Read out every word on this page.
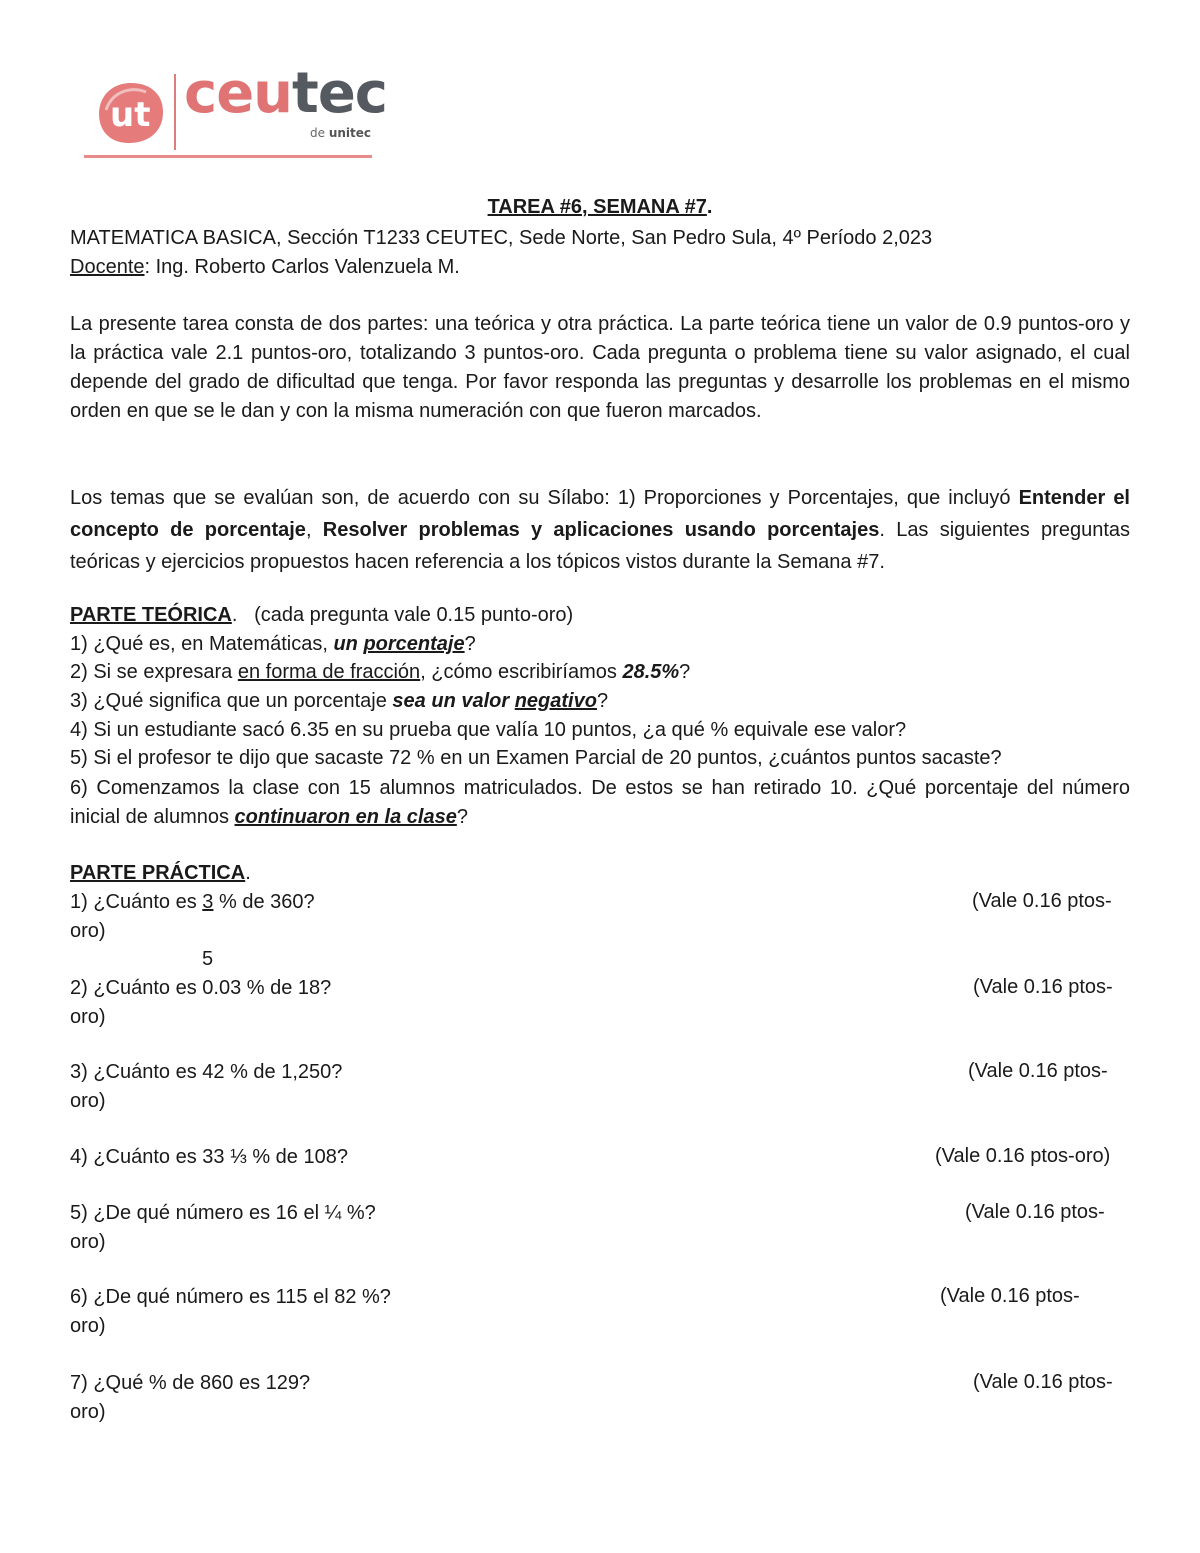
ut ceutec
de unitec
TAREA #6, SEMANA #7.
MATEMATICA BASICA, Sección T1233 CEUTEC, Sede Norte, San Pedro Sula, 4º Período 2,023
Docente: Ing. Roberto Carlos Valenzuela M.
La presente tarea consta de dos partes: una teórica y otra práctica. La parte teórica tiene un valor de 0.9 puntos-oro y la práctica vale 2.1 puntos-oro, totalizando 3 puntos-oro. Cada pregunta o problema tiene su valor asignado, el cual depende del grado de dificultad que tenga. Por favor responda las preguntas y desarrolle los problemas en el mismo orden en que se le dan y con la misma numeración con que fueron marcados.
Los temas que se evalúan son, de acuerdo con su Sílabo: 1) Proporciones y Porcentajes, que incluyó Entender el concepto de porcentaje, Resolver problemas y aplicaciones usando porcentajes. Las siguientes preguntas teóricas y ejercicios propuestos hacen referencia a los tópicos vistos durante la Semana #7.
PARTE TEÓRICA. (cada pregunta vale 0.15 punto-oro)
1) ¿Qué es, en Matemáticas, un porcentaje?
2) Si se expresara en forma de fracción, ¿cómo escribiríamos 28.5%?
3) ¿Qué significa que un porcentaje sea un valor negativo?
4) Si un estudiante sacó 6.35 en su prueba que valía 10 puntos, ¿a qué % equivale ese valor?
5) Si el profesor te dijo que sacaste 72 % en un Examen Parcial de 20 puntos, ¿cuántos puntos sacaste?
6) Comenzamos la clase con 15 alumnos matriculados. De estos se han retirado 10. ¿Qué porcentaje del número inicial de alumnos continuaron en la clase?
PARTE PRÁCTICA.
1) ¿Cuánto es 3 % de 360?	(Vale 0.16 ptos-
oro)
5
2) ¿Cuánto es 0.03 % de 18?	(Vale 0.16 ptos-
oro)
3) ¿Cuánto es 42 % de 1,250?	(Vale 0.16 ptos-
oro)
4) ¿Cuánto es 33 ⅓ % de 108?	(Vale 0.16 ptos-oro)
5) ¿De qué número es 16 el ¼ %?	(Vale 0.16 ptos-
oro)
6) ¿De qué número es 115 el 82 %?	(Vale 0.16 ptos-
oro)
7) ¿Qué % de 860 es 129?	(Vale 0.16 ptos-
oro)
